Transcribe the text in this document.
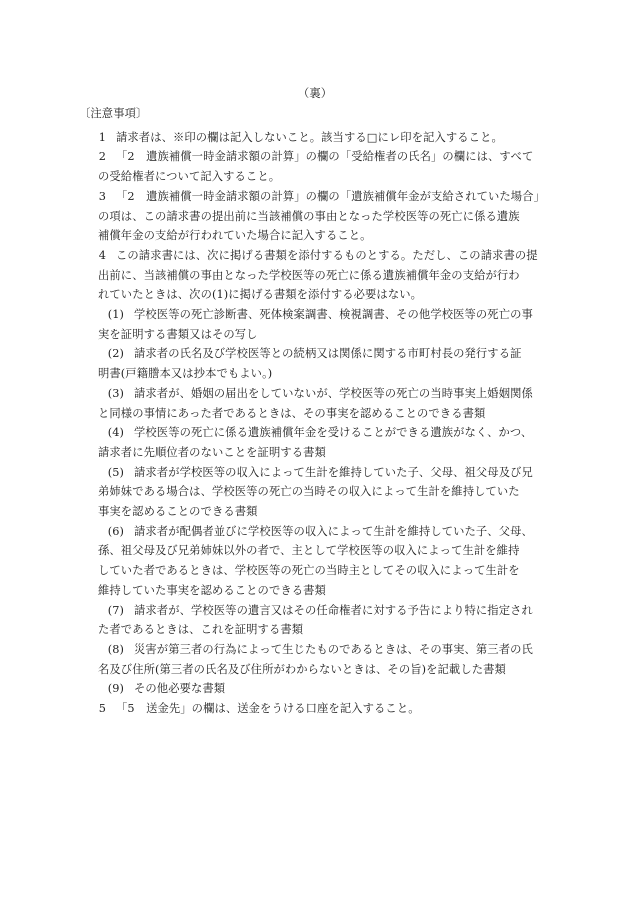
（裏）
〔注意事項〕

1 請求者は、※印の欄は記入しないこと。該当する□にレ印を記入すること。

2 「2　遺族補償一時金請求額の計算」の欄の「受給権者の氏名」の欄には、すべて

の受給権者について記入すること。

3 「2　遺族補償一時金請求額の計算」の欄の「遺族補償年金が支給されていた場合」

の項は、この請求書の提出前に当該補償の事由となった学校医等の死亡に係る遺族

補償年金の支給が行われていた場合に記入すること。

4 この請求書には、次に掲げる書類を添付するものとする。ただし、この請求書の提

出前に、当該補償の事由となった学校医等の死亡に係る遺族補償年金の支給が行わ

れていたときは、次の(1)に掲げる書類を添付する必要はない。

(1) 学校医等の死亡診断書、死体検案調書、検視調書、その他学校医等の死亡の事

実を証明する書類又はその写し

(2) 請求者の氏名及び学校医等との続柄又は関係に関する市町村長の発行する証

明書(戸籍謄本又は抄本でもよい。)

(3) 請求者が、婚姻の届出をしていないが、学校医等の死亡の当時事実上婚姻関係

と同様の事情にあった者であるときは、その事実を認めることのできる書類

(4) 学校医等の死亡に係る遺族補償年金を受けることができる遺族がなく、かつ、

請求者に先順位者のないことを証明する書類

(5) 請求者が学校医等の収入によって生計を維持していた子、父母、祖父母及び兄

弟姉妹である場合は、学校医等の死亡の当時その収入によって生計を維持していた

事実を認めることのできる書類

(6) 請求者が配偶者並びに学校医等の収入によって生計を維持していた子、父母、

孫、祖父母及び兄弟姉妹以外の者で、主として学校医等の収入によって生計を維持

していた者であるときは、学校医等の死亡の当時主としてその収入によって生計を

維持していた事実を認めることのできる書類

(7) 請求者が、学校医等の遺言又はその任命権者に対する予告により特に指定され

た者であるときは、これを証明する書類

(8) 災害が第三者の行為によって生じたものであるときは、その事実、第三者の氏

名及び住所(第三者の氏名及び住所がわからないときは、その旨)を記載した書類

(9) その他必要な書類

5 「5　送金先」の欄は、送金をうける口座を記入すること。
